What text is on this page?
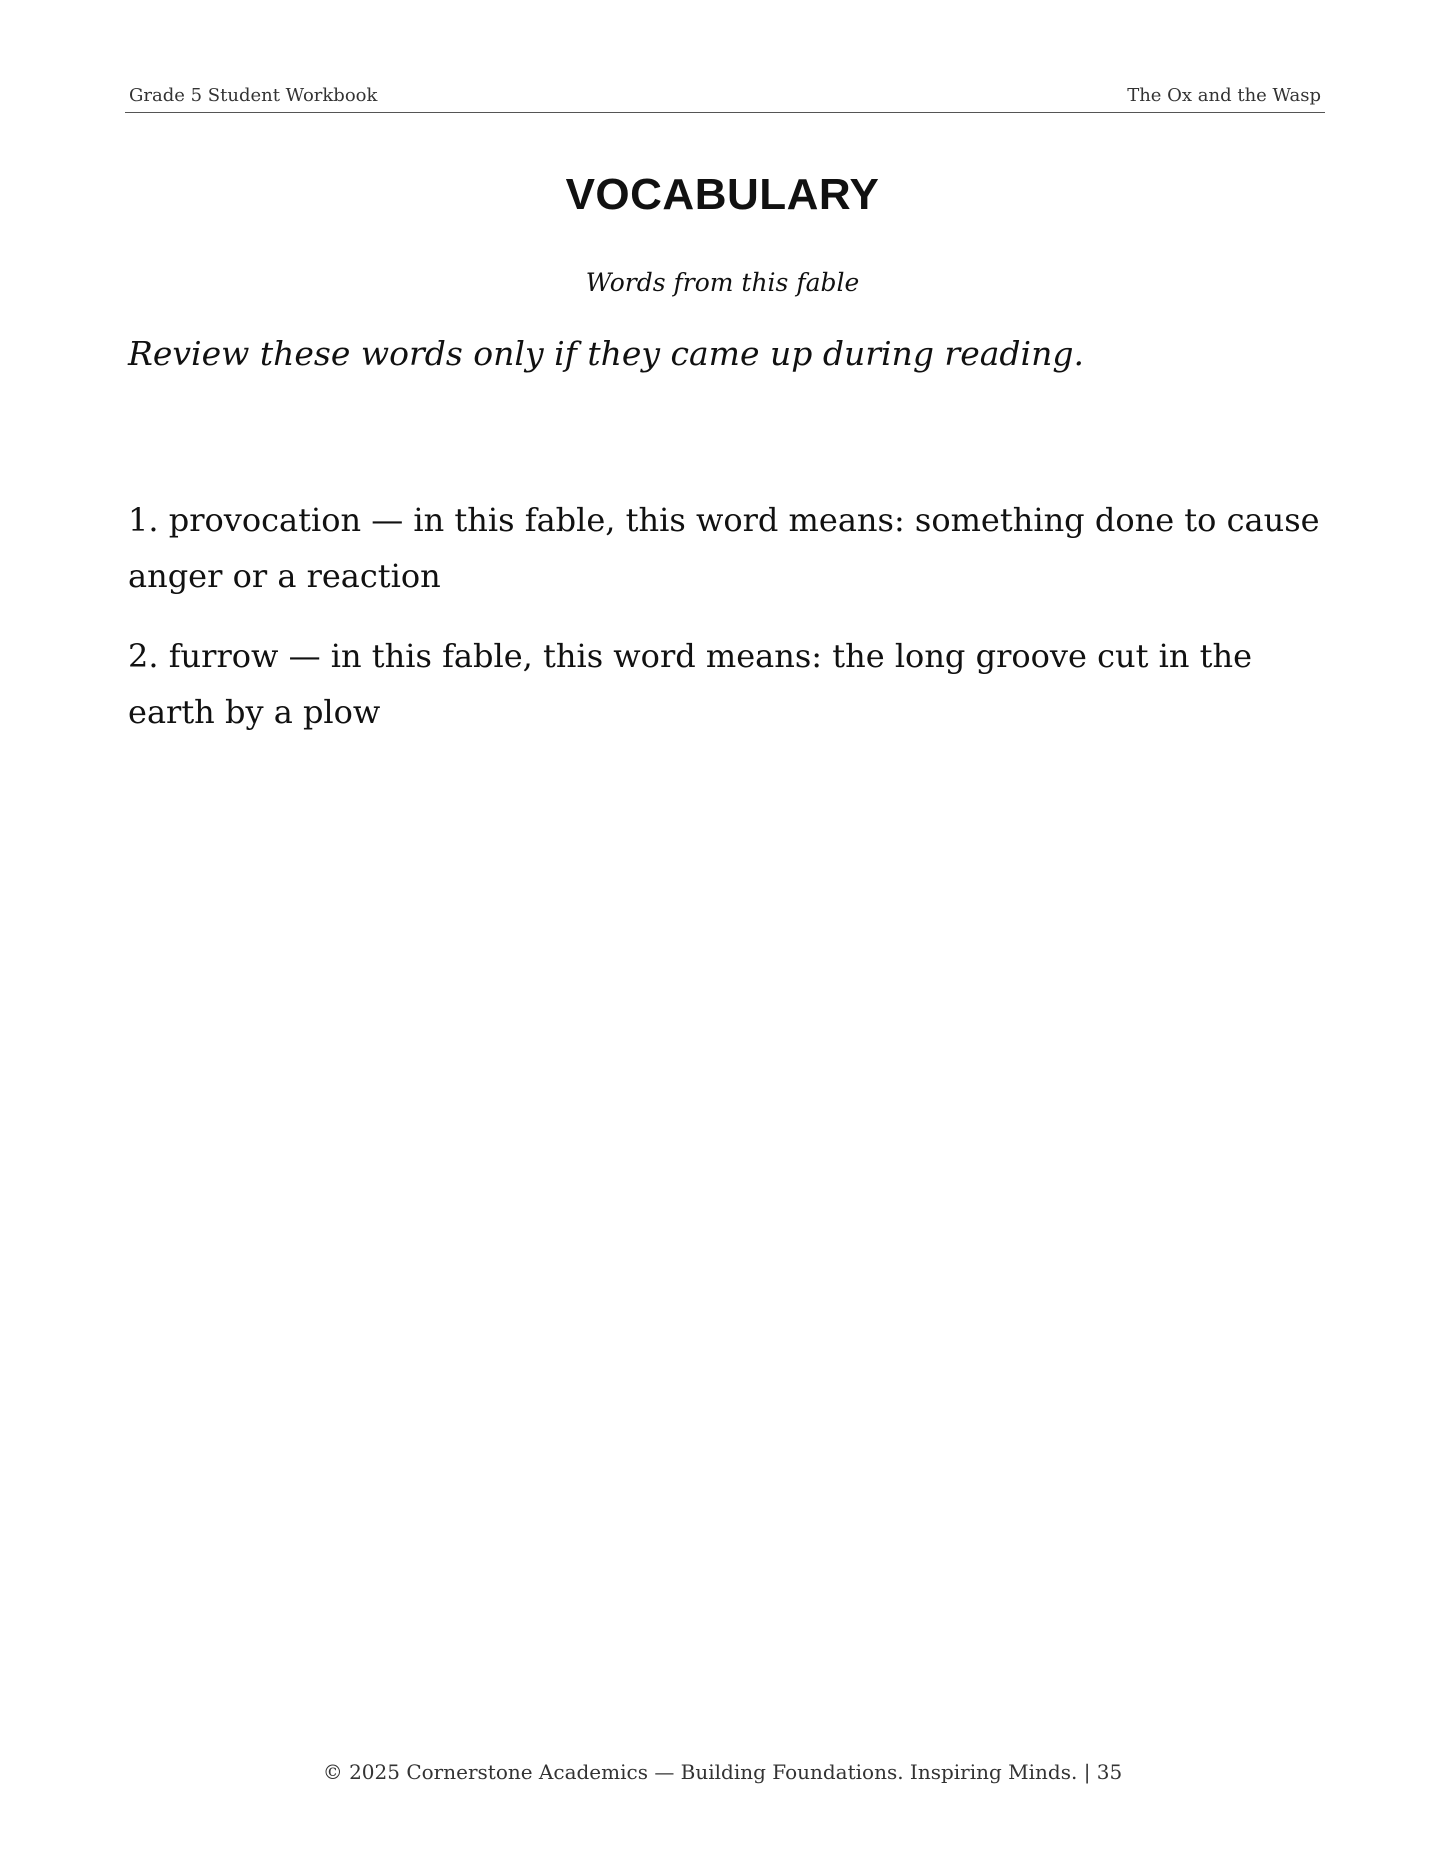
Grade 5 Student Workbook	The Ox and the Wasp
VOCABULARY
Words from this fable
Review these words only if they came up during reading.
1. provocation — in this fable, this word means: something done to cause anger or a reaction
2. furrow — in this fable, this word means: the long groove cut in the earth by a plow
© 2025 Cornerstone Academics — Building Foundations. Inspiring Minds. | 35
